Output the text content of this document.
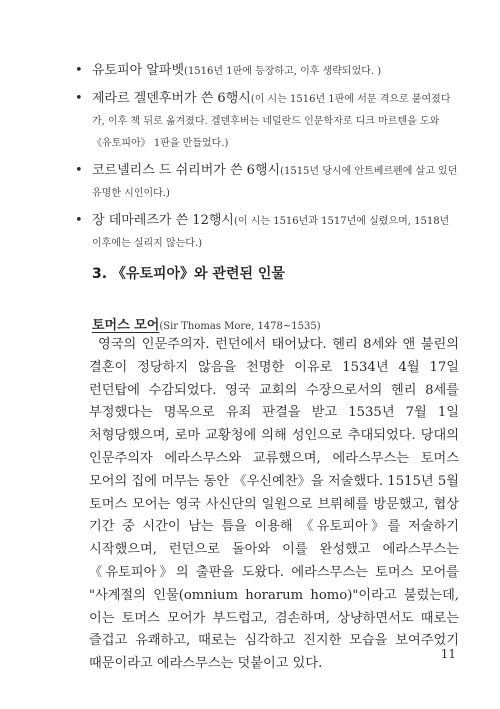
• 유토피아 알파벳(1516년 1판에 등장하고, 이후 생략되었다. )
• 제라르 겔덴후버가 쓴 6행시(이 시는 1516년 1판에 서문 격으로 붙여졌다가, 이후 책 뒤로 옮겨졌다. 겔덴후버는 네덜란드 인문학자로 디크 마르텐을 도와 《유토피아》 1판을 만들었다.)
• 코르넬리스 드 쉬리버가 쓴 6행시(1515년 당시에 안트베르펜에 살고 있던 유명한 시인이다.)
• 장 데마레즈가 쓴 12행시(이 시는 1516년과 1517년에 실렸으며, 1518년 이후에는 실리지 않는다.)
3. 《유토피아》와 관련된 인물
토머스 모어(Sir Thomas More, 1478~1535)

영국의 인문주의자. 런던에서 태어났다. 헨리 8세와 앤 불린의 결혼이 정당하지 않음을 천명한 이유로 1534년 4월 17일 런던탑에 수감되었다. 영국 교회의 수장으로서의 헨리 8세를 부정했다는 명목으로 유죄 판결을 받고 1535년 7월 1일 처형당했으며, 로마 교황청에 의해 성인으로 추대되었다. 당대의 인문주의자 에라스무스와 교류했으며, 에라스무스는 토머스 모어의 집에 머무는 동안 《우신예찬》을 저술했다. 1515년 5월 토머스 모어는 영국 사신단의 일원으로 브뤼헤를 방문했고, 협상 기간 중 시간이 남는 틈을 이용해 《유토피아》를 저술하기 시작했으며, 런던으로 돌아와 이를 완성했고 에라스무스는 《유토피아》의 출판을 도왔다. 에라스무스는 토머스 모어를 "사계절의 인물(omnium horarum homo)"이라고 불렀는데, 이는 토머스 모어가 부드럽고, 겸손하며, 상냥하면서도 때로는 즐겁고 유쾌하고, 때로는 심각하고 진지한 모습을 보여주었기 때문이라고 에라스무스는 덧붙이고 있다.

11
